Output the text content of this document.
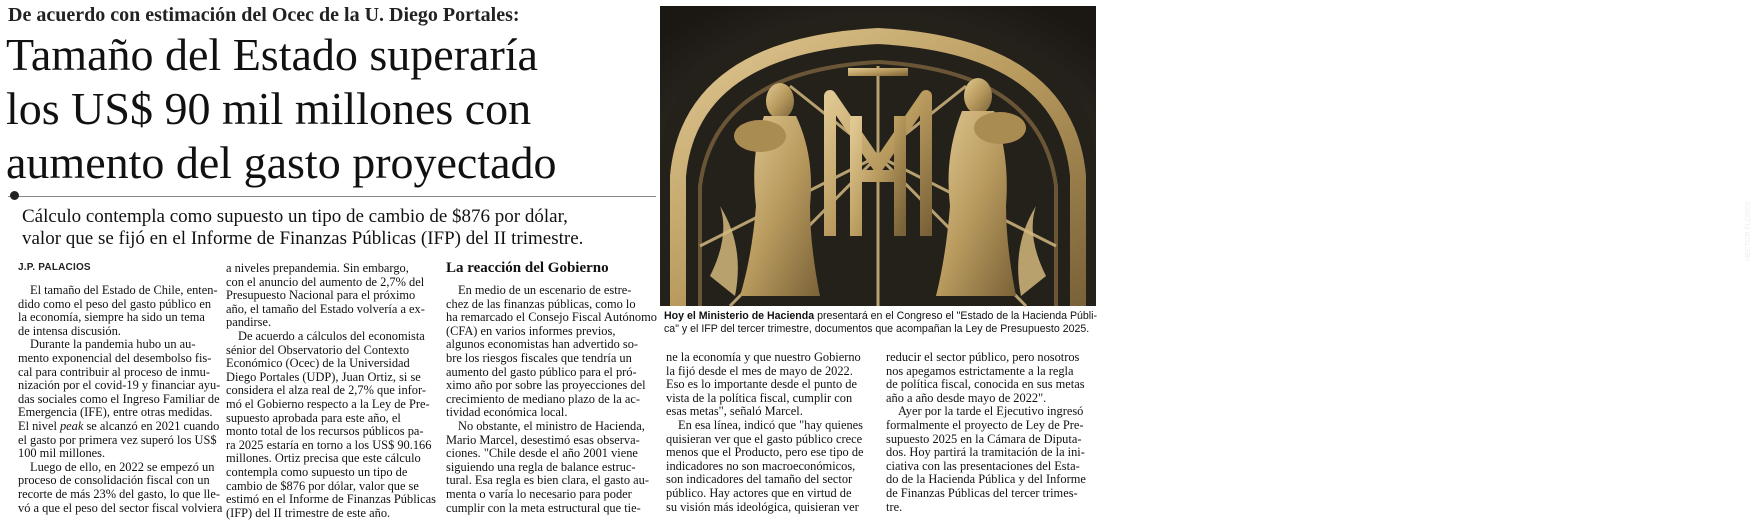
De acuerdo con estimación del Ocec de la U. Diego Portales:
Tamaño del Estado superaría
los US$ 90 mil millones con
aumento del gasto proyectado
Cálculo contempla como supuesto un tipo de cambio de $876 por dólar,
valor que se fijó en el Informe de Finanzas Públicas (IFP) del II trimestre.
J.P. PALACIOS
El tamaño del Estado de Chile, enten-
dido como el peso del gasto público en
la economía, siempre ha sido un tema
de intensa discusión.
Durante la pandemia hubo un au-
mento exponencial del desembolso fis-
cal para contribuir al proceso de inmu-
nización por el covid-19 y financiar ayu-
das sociales como el Ingreso Familiar de
Emergencia (IFE), entre otras medidas.
El nivel peak se alcanzó en 2021 cuando
el gasto por primera vez superó los US$
100 mil millones.
Luego de ello, en 2022 se empezó un
proceso de consolidación fiscal con un
recorte de más 23% del gasto, lo que lle-
vó a que el peso del sector fiscal volviera
a niveles prepandemia. Sin embargo,
con el anuncio del aumento de 2,7% del
Presupuesto Nacional para el próximo
año, el tamaño del Estado volvería a ex-
pandirse.
De acuerdo a cálculos del economista
sénior del Observatorio del Contexto
Económico (Ocec) de la Universidad
Diego Portales (UDP), Juan Ortiz, si se
considera el alza real de 2,7% que infor-
mó el Gobierno respecto a la Ley de Pre-
supuesto aprobada para este año, el
monto total de los recursos públicos pa-
ra 2025 estaría en torno a los US$ 90.166
millones. Ortiz precisa que este cálculo
contempla como supuesto un tipo de
cambio de $876 por dólar, valor que se
estimó en el Informe de Finanzas Públicas
(IFP) del II trimestre de este año.
La reacción del Gobierno
En medio de un escenario de estre-
chez de las finanzas públicas, como lo
ha remarcado el Consejo Fiscal Autónomo
(CFA) en varios informes previos,
algunos economistas han advertido so-
bre los riesgos fiscales que tendría un
aumento del gasto público para el pró-
ximo año por sobre las proyecciones del
crecimiento de mediano plazo de la ac-
tividad económica local.
No obstante, el ministro de Hacienda,
Mario Marcel, desestimó esas observa-
ciones. "Chile desde el año 2001 viene
siguiendo una regla de balance estruc-
tural. Esa regla es bien clara, el gasto au-
menta o varía lo necesario para poder
cumplir con la meta estructural que tie-
HÉCTOR FLORES
Hoy el Ministerio de Hacienda presentará en el Congreso el "Estado de la Hacienda Públi-
ca" y el IFP del tercer trimestre, documentos que acompañan la Ley de Presupuesto 2025.
ne la economía y que nuestro Gobierno
la fijó desde el mes de mayo de 2022.
Eso es lo importante desde el punto de
vista de la política fiscal, cumplir con
esas metas", señaló Marcel.
En esa línea, indicó que "hay quienes
quisieran ver que el gasto público crece
menos que el Producto, pero ese tipo de
indicadores no son macroeconómicos,
son indicadores del tamaño del sector
público. Hay actores que en virtud de
su visión más ideológica, quisieran ver
reducir el sector público, pero nosotros
nos apegamos estrictamente a la regla
de política fiscal, conocida en sus metas
año a año desde mayo de 2022".
Ayer por la tarde el Ejecutivo ingresó
formalmente el proyecto de Ley de Pre-
supuesto 2025 en la Cámara de Diputa-
dos. Hoy partirá la tramitación de la ini-
ciativa con las presentaciones del Esta-
do de la Hacienda Pública y del Informe
de Finanzas Públicas del tercer trimes-
tre.
